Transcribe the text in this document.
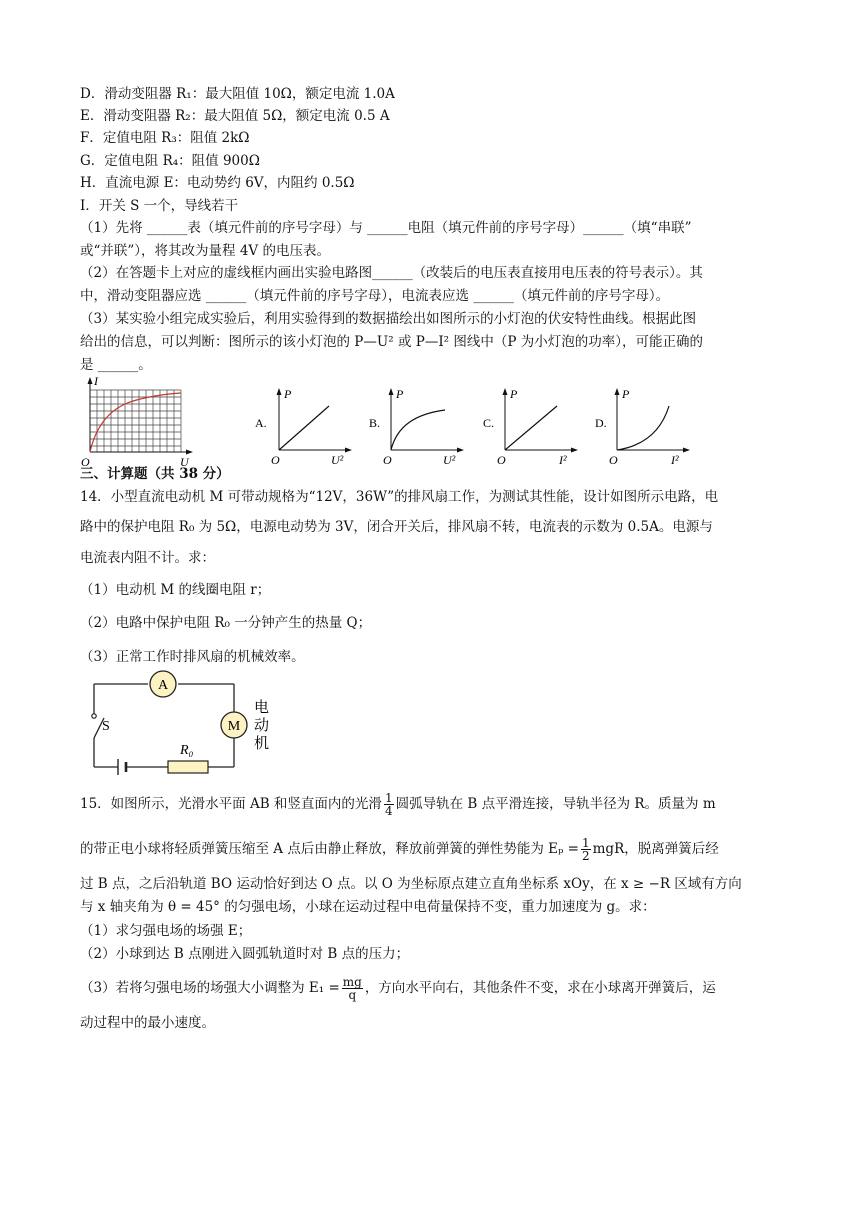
D．滑动变阻器 R₁：最大阻值 10Ω，额定电流 1.0A
E．滑动变阻器 R₂：最大阻值 5Ω，额定电流 0.5 A
F．定值电阻 R₃：阻值 2kΩ
G．定值电阻 R₄：阻值 900Ω
H．直流电源 E：电动势约 6V，内阻约 0.5Ω
I．开关 S 一个，导线若干
（1）先将 ______表（填元件前的序号字母）与 ______电阻（填元件前的序号字母）______（填“串联”
或“并联”），将其改为量程 4V 的电压表。
（2）在答题卡上对应的虚线框内画出实验电路图______（改装后的电压表直接用电压表的符号表示）。其
中，滑动变阻器应选 ______（填元件前的序号字母），电流表应选 ______（填元件前的序号字母）。
（3）某实验小组完成实验后，利用实验得到的数据描绘出如图所示的小灯泡的伏安特性曲线。根据此图
给出的信息，可以判断：图所示的该小灯泡的 P—U² 或 P—I² 图线中（P 为小灯泡的功率），可能正确的
是 ______。
I
O	U
A.
P
O	U²
B.
P
O	U²
C.
P
O	I²
D.
P
O	I²
三、计算题（共 38 分）
14．小型直流电动机 M 可带动规格为“12V，36W”的排风扇工作，为测试其性能，设计如图所示电路，电
路中的保护电阻 R₀ 为 5Ω，电源电动势为 3V，闭合开关后，排风扇不转，电流表的示数为 0.5A。电源与
电流表内阻不计。求：
（1）电动机 M 的线圈电阻 r；
（2）电路中保护电阻 R₀ 一分钟产生的热量 Q；
（3）正常工作时排风扇的机械效率。
A
M
S
R₀
电
动
机
15．如图所示，光滑水平面 AB 和竖直面内的光滑 $\frac{1}{4}$ 圆弧导轨在 B 点平滑连接，导轨半径为 R。质量为 m
的带正电小球将轻质弹簧压缩至 A 点后由静止释放，释放前弹簧的弹性势能为 $E_p = \frac{1}{2}$ mgR，脱离弹簧后经
过 B 点，之后沿轨道 BO 运动恰好到达 O 点。以 O 为坐标原点建立直角坐标系 xOy，在 x ≥ −R 区域有方向
与 x 轴夹角为 θ = 45° 的匀强电场，小球在运动过程中电荷量保持不变，重力加速度为 g。求：
（1）求匀强电场的场强 E；
（2）小球到达 B 点刚进入圆弧轨道时对 B 点的压力；
（3）若将匀强电场的场强大小调整为 $E_1 = \frac{mg}{q}$ ，方向水平向右，其他条件不变，求在小球离开弹簧后，运
动过程中的最小速度。
